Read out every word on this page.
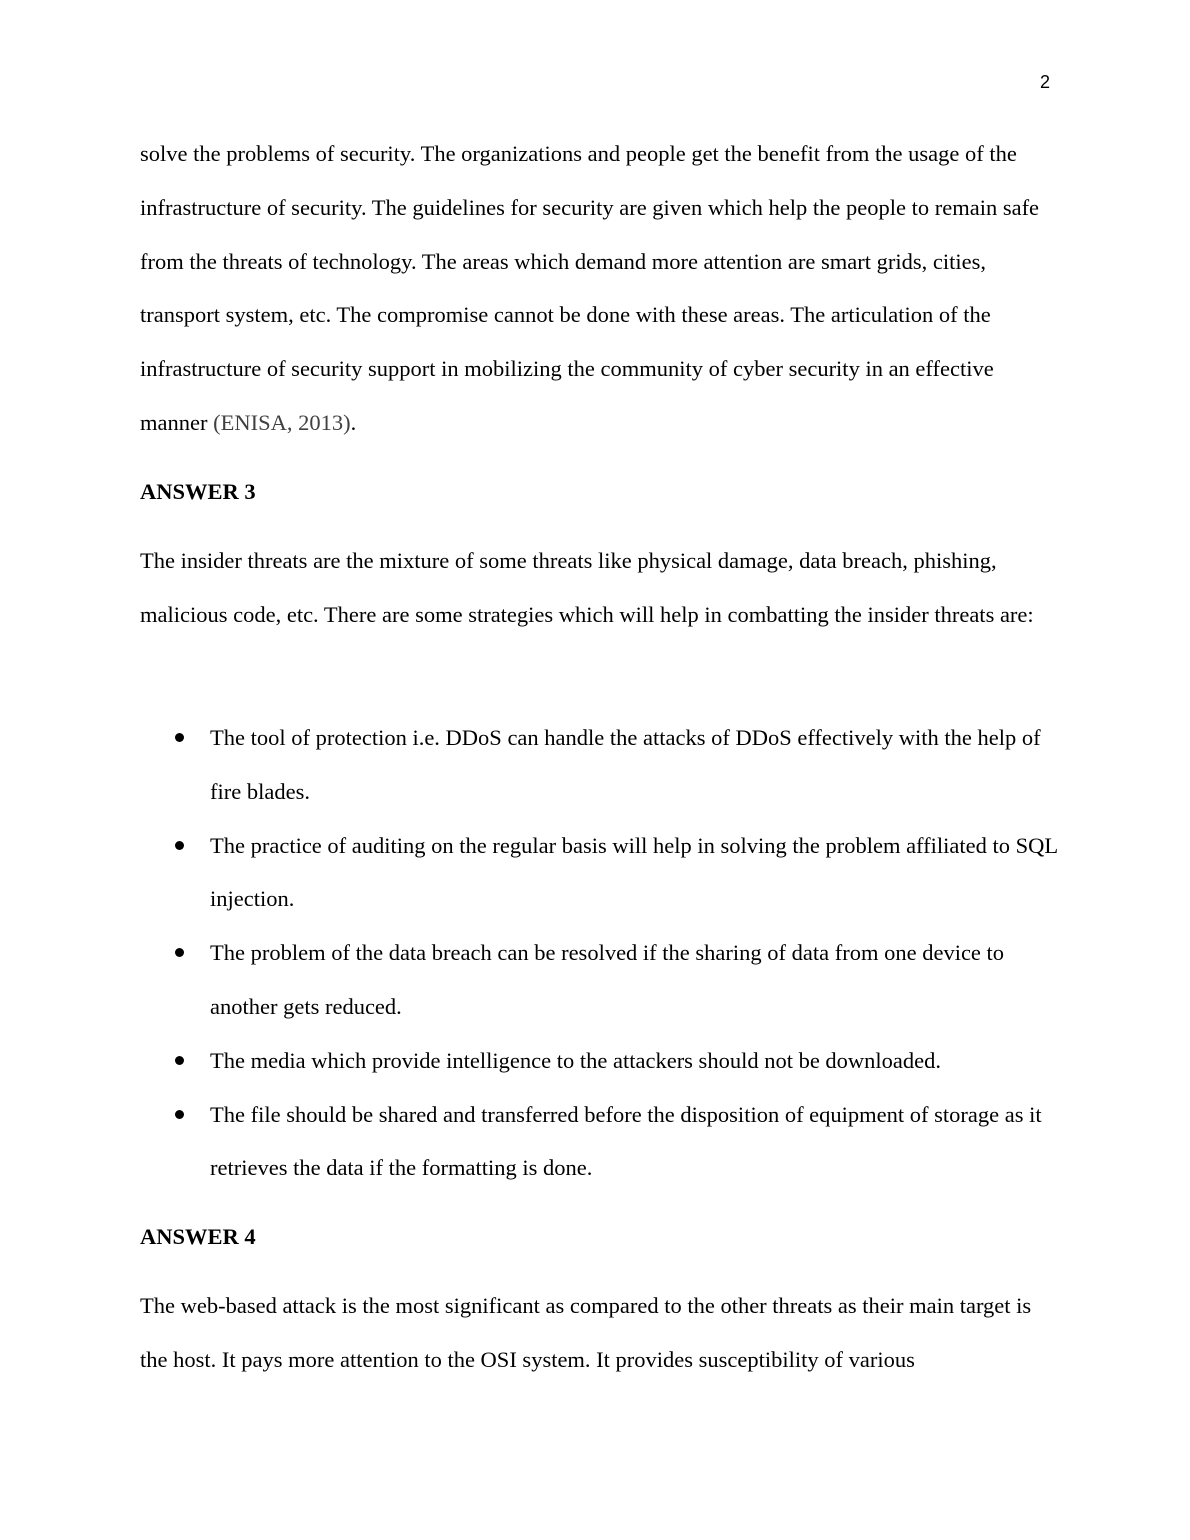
2

solve the problems of security. The organizations and people get the benefit from the usage of the infrastructure of security. The guidelines for security are given which help the people to remain safe from the threats of technology. The areas which demand more attention are smart grids, cities, transport system, etc. The compromise cannot be done with these areas. The articulation of the infrastructure of security support in mobilizing the community of cyber security in an effective manner (ENISA, 2013).

ANSWER 3

The insider threats are the mixture of some threats like physical damage, data breach, phishing, malicious code, etc. There are some strategies which will help in combatting the insider threats are:

The tool of protection i.e. DDoS can handle the attacks of DDoS effectively with the help of fire blades.
The practice of auditing on the regular basis will help in solving the problem affiliated to SQL injection.
The problem of the data breach can be resolved if the sharing of data from one device to another gets reduced.
The media which provide intelligence to the attackers should not be downloaded.
The file should be shared and transferred before the disposition of equipment of storage as it retrieves the data if the formatting is done.
ANSWER 4

The web-based attack is the most significant as compared to the other threats as their main target is the host. It pays more attention to the OSI system. It provides susceptibility of various
